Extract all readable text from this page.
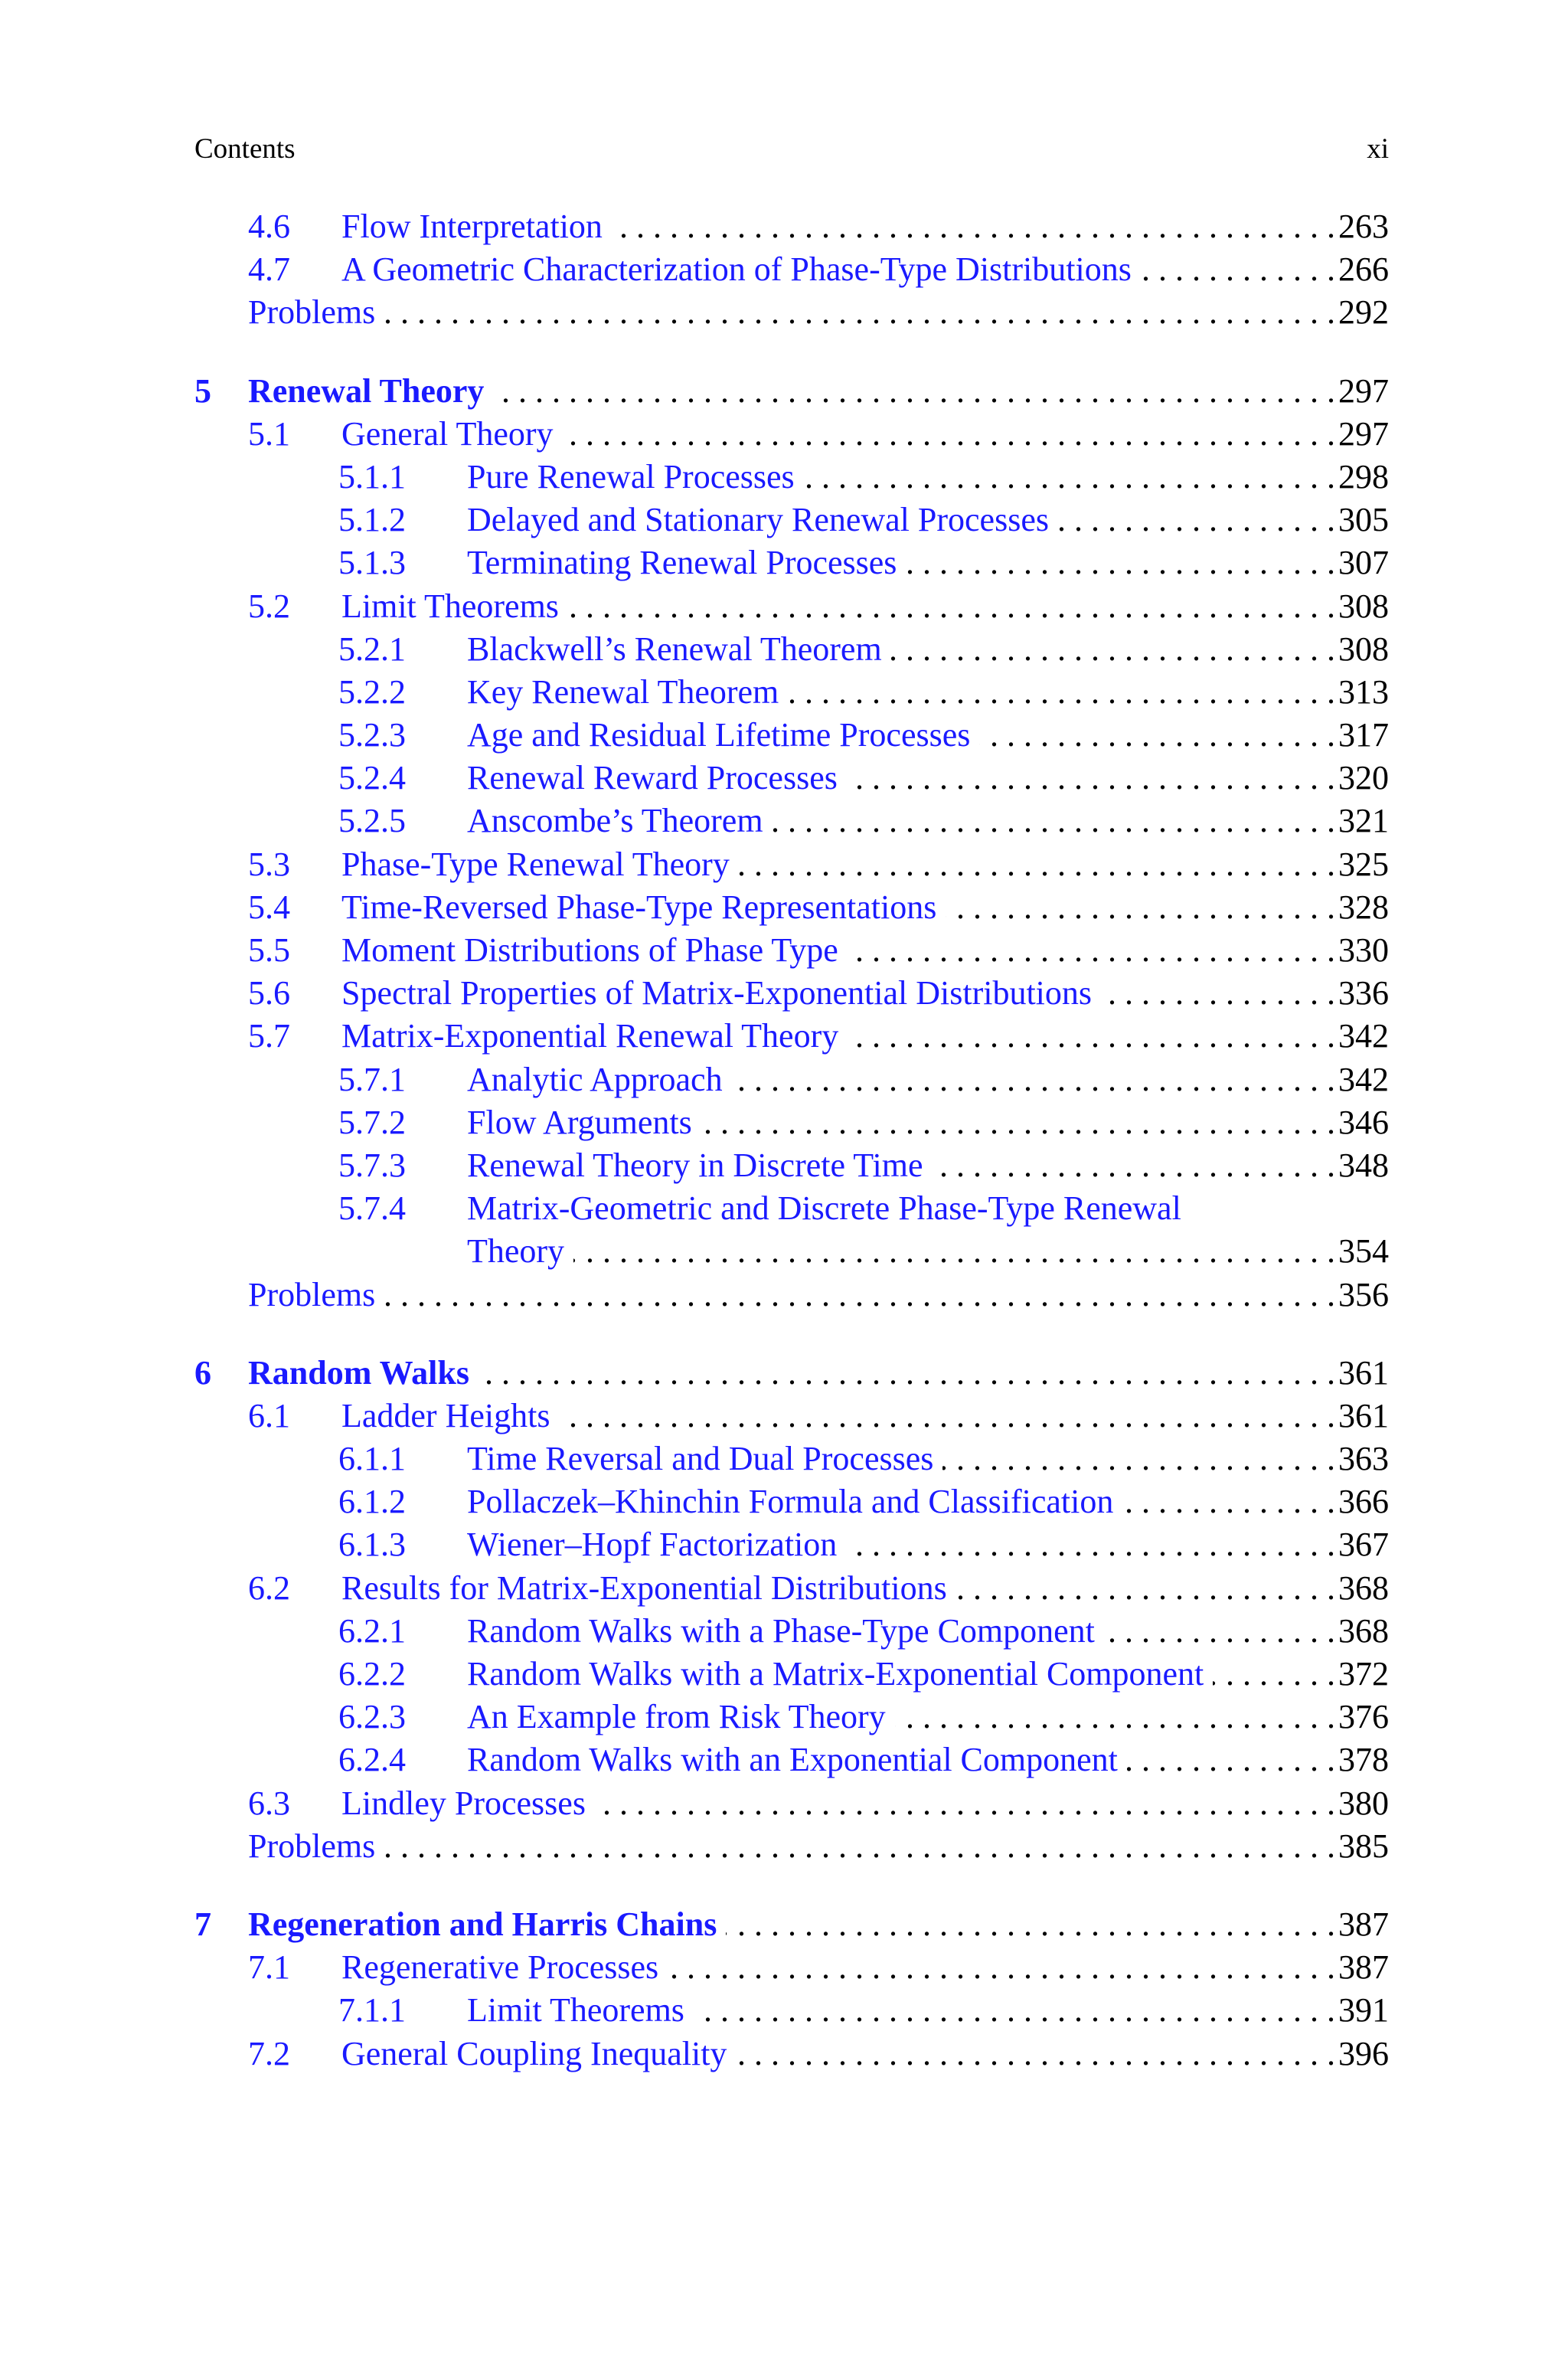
Contents	xi
4.6 Flow Interpretation . . .	263
4.7 A Geometric Characterization of Phase-Type Distributions . . .	266
Problems . . .	292
5 Renewal Theory . . .	297
5.1 General Theory . . .	297
5.1.1 Pure Renewal Processes . . .	298
5.1.2 Delayed and Stationary Renewal Processes . . .	305
5.1.3 Terminating Renewal Processes . . .	307
5.2 Limit Theorems . . .	308
5.2.1 Blackwell’s Renewal Theorem . . .	308
5.2.2 Key Renewal Theorem . . .	313
5.2.3 Age and Residual Lifetime Processes . . .	317
5.2.4 Renewal Reward Processes . . .	320
5.2.5 Anscombe’s Theorem . . .	321
5.3 Phase-Type Renewal Theory . . .	325
5.4 Time-Reversed Phase-Type Representations . . .	328
5.5 Moment Distributions of Phase Type . . .	330
5.6 Spectral Properties of Matrix-Exponential Distributions . . .	336
5.7 Matrix-Exponential Renewal Theory . . .	342
5.7.1 Analytic Approach . . .	342
5.7.2 Flow Arguments . . .	346
5.7.3 Renewal Theory in Discrete Time . . .	348
5.7.4 Matrix-Geometric and Discrete Phase-Type Renewal
Theory . . .	354
Problems . . .	356
6 Random Walks . . .	361
6.1 Ladder Heights . . .	361
6.1.1 Time Reversal and Dual Processes . . .	363
6.1.2 Pollaczek–Khinchin Formula and Classification . . .	366
6.1.3 Wiener–Hopf Factorization . . .	367
6.2 Results for Matrix-Exponential Distributions . . .	368
6.2.1 Random Walks with a Phase-Type Component . . .	368
6.2.2 Random Walks with a Matrix-Exponential Component . . .	372
6.2.3 An Example from Risk Theory . . .	376
6.2.4 Random Walks with an Exponential Component . . .	378
6.3 Lindley Processes . . .	380
Problems . . .	385
7 Regeneration and Harris Chains . . .	387
7.1 Regenerative Processes . . .	387
7.1.1 Limit Theorems . . .	391
7.2 General Coupling Inequality . . .	396
